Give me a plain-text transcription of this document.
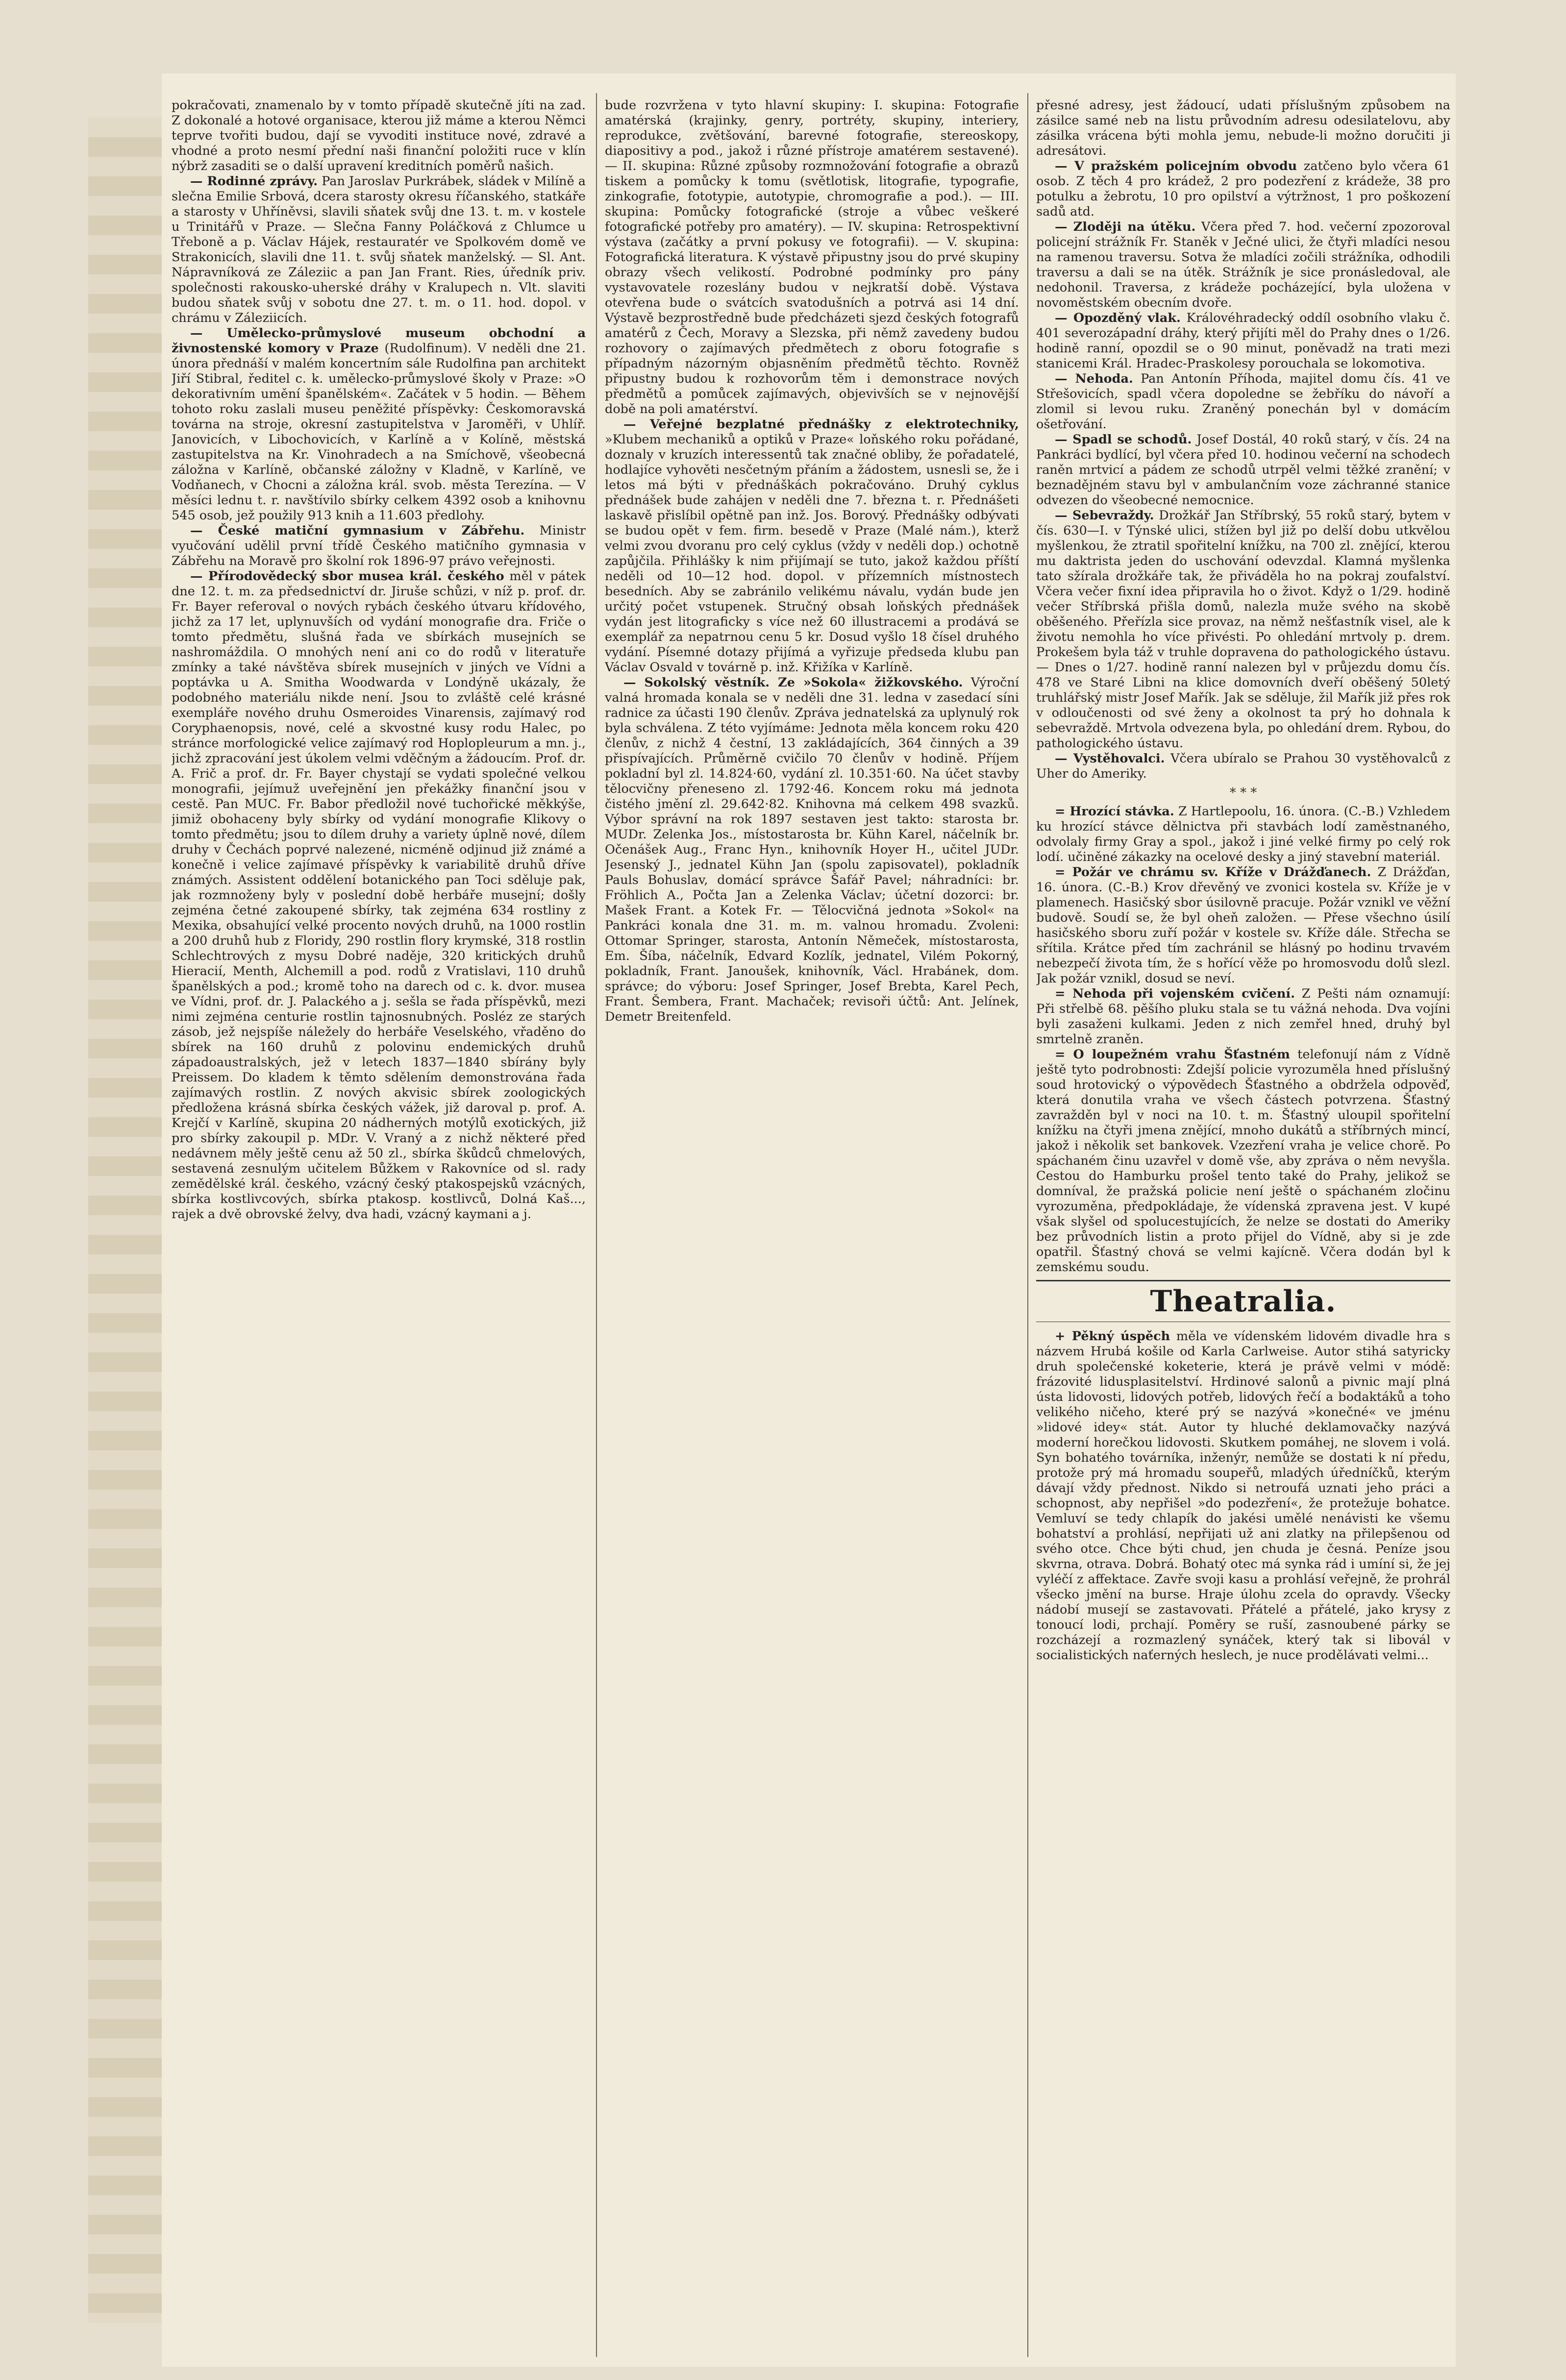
pokračovati, znamenalo by v tomto případě skutečně jíti na zad. Z dokonalé a hotové organisace, kterou již máme a kterou Němci teprve tvořiti budou, dají se vyvoditi instituce nové, zdravé a vhodné a proto nesmí přední naši finanční položiti ruce v klín nýbrž zasaditi se o další upravení kreditních poměrů našich.

— Rodinné zprávy. Pan Jaroslav Purkrábek, sládek v Milíně a slečna Emilie Srbová, dcera starosty okresu říčanského, statkáře a starosty v Uhříněvsi, slavili sňatek svůj dne 13. t. m. v kostele u Trinitářů v Praze. — Slečna Fanny Poláčková z Chlumce u Třeboně a p. Václav Hájek, restauratér ve Spolkovém domě ve Strakonicích, slavili dne 11. t. svůj sňatek manželský. — Sl. Ant. Nápravníková ze Záleziic a pan Jan Frant. Ries, úředník priv. společnosti rakousko-uherské dráhy v Kralupech n. Vlt. slaviti budou sňatek svůj v sobotu dne 27. t. m. o 11. hod. dopol. v chrámu v Záleziicích.

— Umělecko-průmyslové museum obchodní a živnostenské komory v Praze (Rudolfinum). V neděli dne 21. února přednáší v malém koncertním sále Rudolfina pan architekt Jiří Stibral, ředitel c. k. umělecko-průmyslové školy v Praze: »O dekorativním umění španělském«. Začátek v 5 hodin. — Během tohoto roku zaslali museu peněžité příspěvky: Českomoravská továrna na stroje, okresní zastupitelstva v Jaroměři, v Uhlíř. Janovicích, v Libochovicích, v Karlíně a v Kolíně, městská zastupitelstva na Kr. Vinohradech a na Smíchově, všeobecná záložna v Karlíně, občanské záložny v Kladně, v Karlíně, ve Vodňanech, v Chocni a záložna král. svob. města Terezína. — V měsíci lednu t. r. navštívilo sbírky celkem 4392 osob a knihovnu 545 osob, jež použily 913 knih a 11.603 předlohy.

— České matiční gymnasium v Zábřehu. Ministr vyučování udělil první třídě Českého matičního gymnasia v Zábřehu na Moravě pro školní rok 1896-97 právo veřejnosti.

— Přírodovědecký sbor musea král. českého měl v pátek dne 12. t. m. za předsednictví dr. Jiruše schůzi, v níž p. prof. dr. Fr. Bayer referoval o nových rybách českého útvaru křídového, jichž za 17 let, uplynuvších od vydání monografie dra. Friče o tomto předmětu, slušná řada ve sbírkách musejních se nashromáždila. O mnohých není ani co do rodů v literatuře zmínky a také návštěva sbírek musejních v jiných ve Vídni a poptávka u A. Smitha Woodwarda v Londýně ukázaly, že podobného materiálu nikde není. Jsou to zvláště celé krásné exempláře nového druhu Osmeroides Vinarensis, zajímavý rod Coryphaenopsis, nové, celé a skvostné kusy rodu Halec, po stránce morfologické velice zajímavý rod Hoplopleurum a mn. j., jichž zpracování jest úkolem velmi vděčným a žádoucím. Prof. dr. A. Frič a prof. dr. Fr. Bayer chystají se vydati společné velkou monografii, jejímuž uveřejnění jen překážky finanční jsou v cestě. Pan MUC. Fr. Babor předložil nové tuchořické měkkýše, jimiž obohaceny byly sbírky od vydání monografie Klikovy o tomto předmětu; jsou to dílem druhy a variety úplně nové, dílem druhy v Čechách poprvé nalezené, nicméně odjinud již známé a konečně i velice zajímavé příspěvky k variabilitě druhů dříve známých. Assistent oddělení botanického pan Toci sděluje pak, jak rozmnoženy byly v poslední době herbáře musejní; došly zejména četné zakoupené sbírky, tak zejména 634 rostliny z Mexika, obsahující velké procento nových druhů, na 1000 rostlin a 200 druhů hub z Floridy, 290 rostlin flory krymské, 318 rostlin Schlechtrových z mysu Dobré naděje, 320 kritických druhů Hieracií, Menth, Alchemill a pod. rodů z Vratislavi, 110 druhů španělských a pod.; kromě toho na darech od c. k. dvor. musea ve Vídni, prof. dr. J. Palackého a j. sešla se řada příspěvků, mezi nimi zejména centurie rostlin tajnosnubných. Posléz ze starých zásob, jež nejspíše náležely do herbáře Veselského, vřaděno do sbírek na 160 druhů z polovinu endemických druhů západoaustralských, jež v letech 1837—1840 sbírány byly Preissem. Do kladem k těmto sdělením demonstrována řada zajímavých rostlin. Z nových akvisic sbírek zoologických předložena krásná sbírka českých vážek, již daroval p. prof. A. Krejčí v Karlíně, skupina 20 nádherných motýlů exotických, již pro sbírky zakoupil p. MDr. V. Vraný a z nichž některé před nedávnem měly ještě cenu až 50 zl., sbírka škůdců chmelových, sestavená zesnulým učitelem Bůžkem v Rakovníce od sl. rady zemědělské král. českého, vzácný český ptakospejsků vzácných, sbírka kostlivcových, sbírka ptakosp. kostlivců, Dolná Kaš..., rajek a dvě obrovské želvy, dva hadi, vzácný kaymani a j.

bude rozvržena v tyto hlavní skupiny: I. skupina: Fotografie amatérská (krajinky, genry, portréty, skupiny, interiery, reprodukce, zvětšování, barevné fotografie, stereoskopy, diapositivy a pod., jakož i různé přístroje amatérem sestavené). — II. skupina: Různé způsoby rozmnožování fotografie a obrazů tiskem a pomůcky k tomu (světlotisk, litografie, typografie, zinkografie, fototypie, autotypie, chromografie a pod.). — III. skupina: Pomůcky fotografické (stroje a vůbec veškeré fotografické potřeby pro amatéry). — IV. skupina: Retrospektivní výstava (začátky a první pokusy ve fotografii). — V. skupina: Fotografická literatura. K výstavě připustny jsou do prvé skupiny obrazy všech velikostí. Podrobné podmínky pro pány vystavovatele rozeslány budou v nejkratší době. Výstava otevřena bude o svátcích svatodušních a potrvá asi 14 dní. Výstavě bezprostředně bude předcházeti sjezd českých fotografů amatérů z Čech, Moravy a Slezska, při němž zavedeny budou rozhovory o zajímavých předmětech z oboru fotografie s případným názorným objasněním předmětů těchto. Rovněž připustny budou k rozhovorům těm i demonstrace nových předmětů a pomůcek zajímavých, objevivších se v nejnovější době na poli amatérství.

— Veřejné bezplatné přednášky z elektrotechniky, »Klubem mechaniků a optiků v Praze« loňského roku pořádané, doznaly v kruzích interessentů tak značné obliby, že pořadatelé, hodlajíce vyhověti nesčetným přáním a žádostem, usnesli se, že i letos má býti v přednáškách pokračováno. Druhý cyklus přednášek bude zahájen v neděli dne 7. března t. r. Přednášeti laskavě přislíbil opětně pan inž. Jos. Borový. Přednášky odbývati se budou opět v fem. firm. besedě v Praze (Malé nám.), kterž velmi zvou dvoranu pro celý cyklus (vždy v neděli dop.) ochotně zapůjčila. Přihlášky k nim přijímají se tuto, jakož každou příští neděli od 10—12 hod. dopol. v přízemních místnostech besedních. Aby se zabránilo velikému návalu, vydán bude jen určitý počet vstupenek. Stručný obsah loňských přednášek vydán jest litograficky s více než 60 illustracemi a prodává se exemplář za nepatrnou cenu 5 kr. Dosud vyšlo 18 čísel druhého vydání. Písemné dotazy přijímá a vyřizuje předseda klubu pan Václav Osvald v továrně p. inž. Křižíka v Karlíně.

— Sokolský věstník. Ze »Sokola« žižkovského. Výroční valná hromada konala se v neděli dne 31. ledna v zasedací síni radnice za účasti 190 členův. Zpráva jednatelská za uplynulý rok byla schválena. Z této vyjímáme: Jednota měla koncem roku 420 členův, z nichž 4 čestní, 13 zakládajících, 364 činných a 39 přispívajících. Průměrně cvičilo 70 členův v hodině. Příjem pokladní byl zl. 14.824·60, vydání zl. 10.351·60. Na účet stavby tělocvičny přeneseno zl. 1792·46. Koncem roku má jednota čistého jmění zl. 29.642·82. Knihovna má celkem 498 svazků. Výbor správní na rok 1897 sestaven jest takto: starosta br. MUDr. Zelenka Jos., místostarosta br. Kühn Karel, náčelník br. Očenášek Aug., Franc Hyn., knihovník Hoyer H., učitel JUDr. Jesenský J., jednatel Kühn Jan (spolu zapisovatel), pokladník Pauls Bohuslav, domácí správce Šafář Pavel; náhradníci: br. Fröhlich A., Počta Jan a Zelenka Václav; účetní dozorci: br. Mašek Frant. a Kotek Fr. — Tělocvičná jednota »Sokol« na Pankráci konala dne 31. m. m. valnou hromadu. Zvoleni: Ottomar Springer, starosta, Antonín Němeček, místostarosta, Em. Šíba, náčelník, Edvard Kozlík, jednatel, Vilém Pokorný, pokladník, Frant. Janoušek, knihovník, Václ. Hrabánek, dom. správce; do výboru: Josef Springer, Josef Brebta, Karel Pech, Frant. Šembera, Frant. Machaček; revisoři účtů: Ant. Jelínek, Demetr Breitenfeld.

přesné adresy, jest žádoucí, udati příslušným způsobem na zásilce samé neb na listu průvodním adresu odesilatelovu, aby zásilka vrácena býti mohla jemu, nebude-li možno doručiti ji adresátovi.

— V pražském policejním obvodu zatčeno bylo včera 61 osob. Z těch 4 pro krádež, 2 pro podezření z krádeže, 38 pro potulku a žebrotu, 10 pro opilství a výtržnost, 1 pro poškození sadů atd.

— Zloději na útěku. Včera před 7. hod. večerní zpozoroval policejní strážník Fr. Staněk v Ječné ulici, že čtyři mladíci nesou na ramenou traversu. Sotva že mladíci zočili strážníka, odhodili traversu a dali se na útěk. Strážník je sice pronásledoval, ale nedohonil. Traversa, z krádeže pocházející, byla uložena v novoměstském obecním dvoře.

— Opozděný vlak. Královéhradecký oddíl osobního vlaku č. 401 severozápadní dráhy, který přijíti měl do Prahy dnes o 1/26. hodině ranní, opozdil se o 90 minut, poněvadž na trati mezi stanicemi Král. Hradec-Praskolesy porouchala se lokomotiva.

— Nehoda. Pan Antonín Příhoda, majitel domu čís. 41 ve Střešovicích, spadl včera dopoledne se žebříku do návoří a zlomil si levou ruku. Zraněný ponechán byl v domácím ošetřování.

— Spadl se schodů. Josef Dostál, 40 roků starý, v čís. 24 na Pankráci bydlící, byl včera před 10. hodinou večerní na schodech raněn mrtvicí a pádem ze schodů utrpěl velmi těžké zranění; v beznadějném stavu byl v ambulančním voze záchranné stanice odvezen do všeobecné nemocnice.

— Sebevraždy. Drožkář Jan Stříbrský, 55 roků starý, bytem v čís. 630—I. v Týnské ulici, stížen byl již po delší dobu utkvělou myšlenkou, že ztratil spořitelní knížku, na 700 zl. znějící, kterou mu daktrista jeden do uschování odevzdal. Klamná myšlenka tato sžírala drožkáře tak, že přiváděla ho na pokraj zoufalství. Včera večer fixní idea připravila ho o život. Když o 1/29. hodině večer Stříbrská přišla domů, nalezla muže svého na skobě oběšeného. Přeřízla sice provaz, na němž nešťastník visel, ale k životu nemohla ho více přivésti. Po ohledání mrtvoly p. drem. Prokešem byla táž v truhle dopravena do pathologického ústavu. — Dnes o 1/27. hodině ranní nalezen byl v průjezdu domu čís. 478 ve Staré Libni na klice domovních dveří oběšený 50letý truhlářský mistr Josef Mařík. Jak se sděluje, žil Mařík již přes rok v odloučenosti od své ženy a okolnost ta prý ho dohnala k sebevraždě. Mrtvola odvezena byla, po ohledání drem. Rybou, do pathologického ústavu.

— Vystěhovalci. Včera ubíralo se Prahou 30 vystěhovalců z Uher do Ameriky.

* * *

= Hrozící stávka. Z Hartlepoolu, 16. února. (C.-B.) Vzhledem ku hrozící stávce dělnictva při stavbách lodí zaměstnaného, odvolaly firmy Gray a spol., jakož i jiné velké firmy po celý rok lodí. učiněné zákazky na ocelové desky a jiný stavební materiál.

= Požár ve chrámu sv. Kříže v Drážďanech. Z Drážďan, 16. února. (C.-B.) Krov dřevěný ve zvonici kostela sv. Kříže je v plamenech. Hasičský sbor úsilovně pracuje. Požár vznikl ve věžní budově. Soudí se, že byl oheň založen. — Přese všechno úsilí hasičského sboru zuří požár v kostele sv. Kříže dále. Střecha se sřítila. Krátce před tím zachránil se hlásný po hodinu trvavém nebezpečí života tím, že s hořící věže po hromosvodu dolů slezl. Jak požár vznikl, dosud se neví.

= Nehoda při vojenském cvičení. Z Pešti nám oznamují: Při střelbě 68. pěšího pluku stala se tu vážná nehoda. Dva vojíni byli zasaženi kulkami. Jeden z nich zemřel hned, druhý byl smrtelně zraněn.

= O loupežném vrahu Šťastném telefonují nám z Vídně ještě tyto podrobnosti: Zdejší policie vyrozuměla hned příslušný soud hrotovický o výpovědech Šťastného a obdržela odpověď, která donutila vraha ve všech částech potvrzena. Šťastný zavražděn byl v noci na 10. t. m. Šťastný uloupil spořitelní knížku na čtyři jmena znějící, mnoho dukátů a stříbrných mincí, jakož i několik set bankovek. Vzezření vraha je velice chorě. Po spáchaném činu uzavřel v domě vše, aby zpráva o něm nevyšla. Cestou do Hamburku prošel tento také do Prahy, jelikož se domníval, že pražská policie není ještě o spáchaném zločinu vyrozuměna, předpokládaje, že vídenská zpravena jest. V kupé však slyšel od spolucestujících, že nelze se dostati do Ameriky bez průvodních listin a proto přijel do Vídně, aby si je zde opatřil. Šťastný chová se velmi kajícně. Včera dodán byl k zemskému soudu.

Theatralia.

+ Pěkný úspěch měla ve vídenském lidovém divadle hra s názvem Hrubá košile od Karla Carlweise. Autor stihá satyricky druh společenské koketerie, která je právě velmi v módě: frázovité lidusplasitelství. Hrdinové salonů a pivnic mají plná ústa lidovosti, lidových potřeb, lidových řečí a bodaktáků a toho velikého ničeho, které prý se nazývá »konečné« ve jménu »lidové idey« stát. Autor ty hluché deklamovačky nazývá moderní horečkou lidovosti. Skutkem pomáhej, ne slovem i volá. Syn bohatého továrníka, inženýr, nemůže se dostati k ní předu, protože prý má hromadu soupeřů, mladých úředníčků, kterým dávají vždy přednost. Nikdo si netroufá uznati jeho práci a schopnost, aby nepřišel »do podezření«, že protežuje bohatce. Vemluví se tedy chlapík do jakési umělé nenávisti ke všemu bohatství a prohlásí, nepřijati už ani zlatky na přilepšenou od svého otce. Chce býti chud, jen chuda je česná. Peníze jsou skvrna, otrava. Dobrá. Bohatý otec má synka rád i umíní si, že jej vyléčí z affektace. Zavře svoji kasu a prohlásí veřejně, že prohrál všecko jmění na burse. Hraje úlohu zcela do opravdy. Všecky nádobí musejí se zastavovati. Přátelé a přátelé, jako krysy z tonoucí lodi, prchají. Poměry se ruší, zasnoubené párky se rozcházejí a rozmazlený synáček, který tak si libovál v socialistických naťerných heslech, je nuce prodělávati velmi...
